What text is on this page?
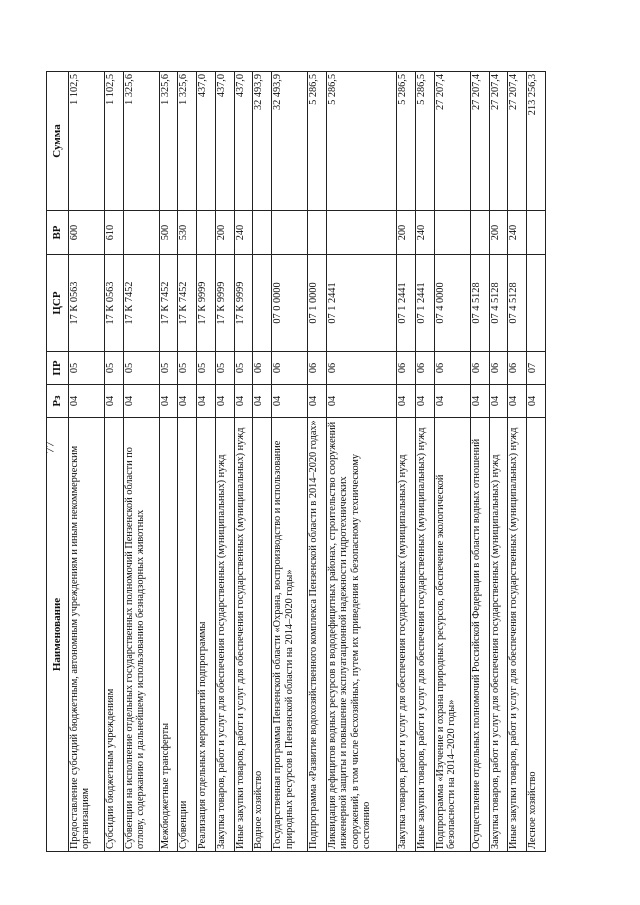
77
Наименование	Рз	ПР	ЦСР	ВР	Сумма
Предоставление субсидий бюджетным, автономным учреждениям и иным некоммерческим организациям	04	05	17 К 0563	600	1 102,5
Субсидии бюджетным учреждениям	04	05	17 К 0563	610	1 102,5
Субвенции на исполнение отдельных государственных полномочий Пензенской области по отлову, содержанию и дальнейшему использованию безнадзорных животных	04	05	17 К 7452		1 325,6
Межбюджетные трансферты	04	05	17 К 7452	500	1 325,6
Субвенции	04	05	17 К 7452	530	1 325,6
Реализация отдельных мероприятий подпрограммы	04	05	17 К 9999		437,0
Закупка товаров, работ и услуг для обеспечения государственных (муниципальных) нужд	04	05	17 К 9999	200	437,0
Иные закупки товаров, работ и услуг для обеспечения государственных (муниципальных) нужд	04	05	17 К 9999	240	437,0
Водное хозяйство	04	06			32 493,9
Государственная программа Пензенской области «Охрана, воспроизводство и использование природных ресурсов в Пензенской области на 2014–2020 годы»	04	06	07 0 0000		32 493,9
Подпрограмма «Развитие водохозяйственного комплекса Пензенской области в 2014–2020 годах»	04	06	07 1 0000		5 286,5
Ликвидация дефицитов водных ресурсов в вододефицитных районах, строительство сооружений инженерной защиты и повышение эксплуатационной надежности гидротехнических сооружений, в том числе бесхозяйных, путем их приведения к безопасному техническому состоянию	04	06	07 1 2441		5 286,5
Закупка товаров, работ и услуг для обеспечения государственных (муниципальных) нужд	04	06	07 1 2441	200	5 286,5
Иные закупки товаров, работ и услуг для обеспечения государственных (муниципальных) нужд	04	06	07 1 2441	240	5 286,5
Подпрограмма «Изучение и охрана природных ресурсов, обеспечение экологической безопасности на 2014–2020 годы»	04	06	07 4 0000		27 207,4
Осуществление отдельных полномочий Российской Федерации в области водных отношений	04	06	07 4 5128		27 207,4
Закупка товаров, работ и услуг для обеспечения государственных (муниципальных) нужд	04	06	07 4 5128	200	27 207,4
Иные закупки товаров, работ и услуг для обеспечения государственных (муниципальных) нужд	04	06	07 4 5128	240	27 207,4
Лесное хозяйство	04	07			213 256,3
